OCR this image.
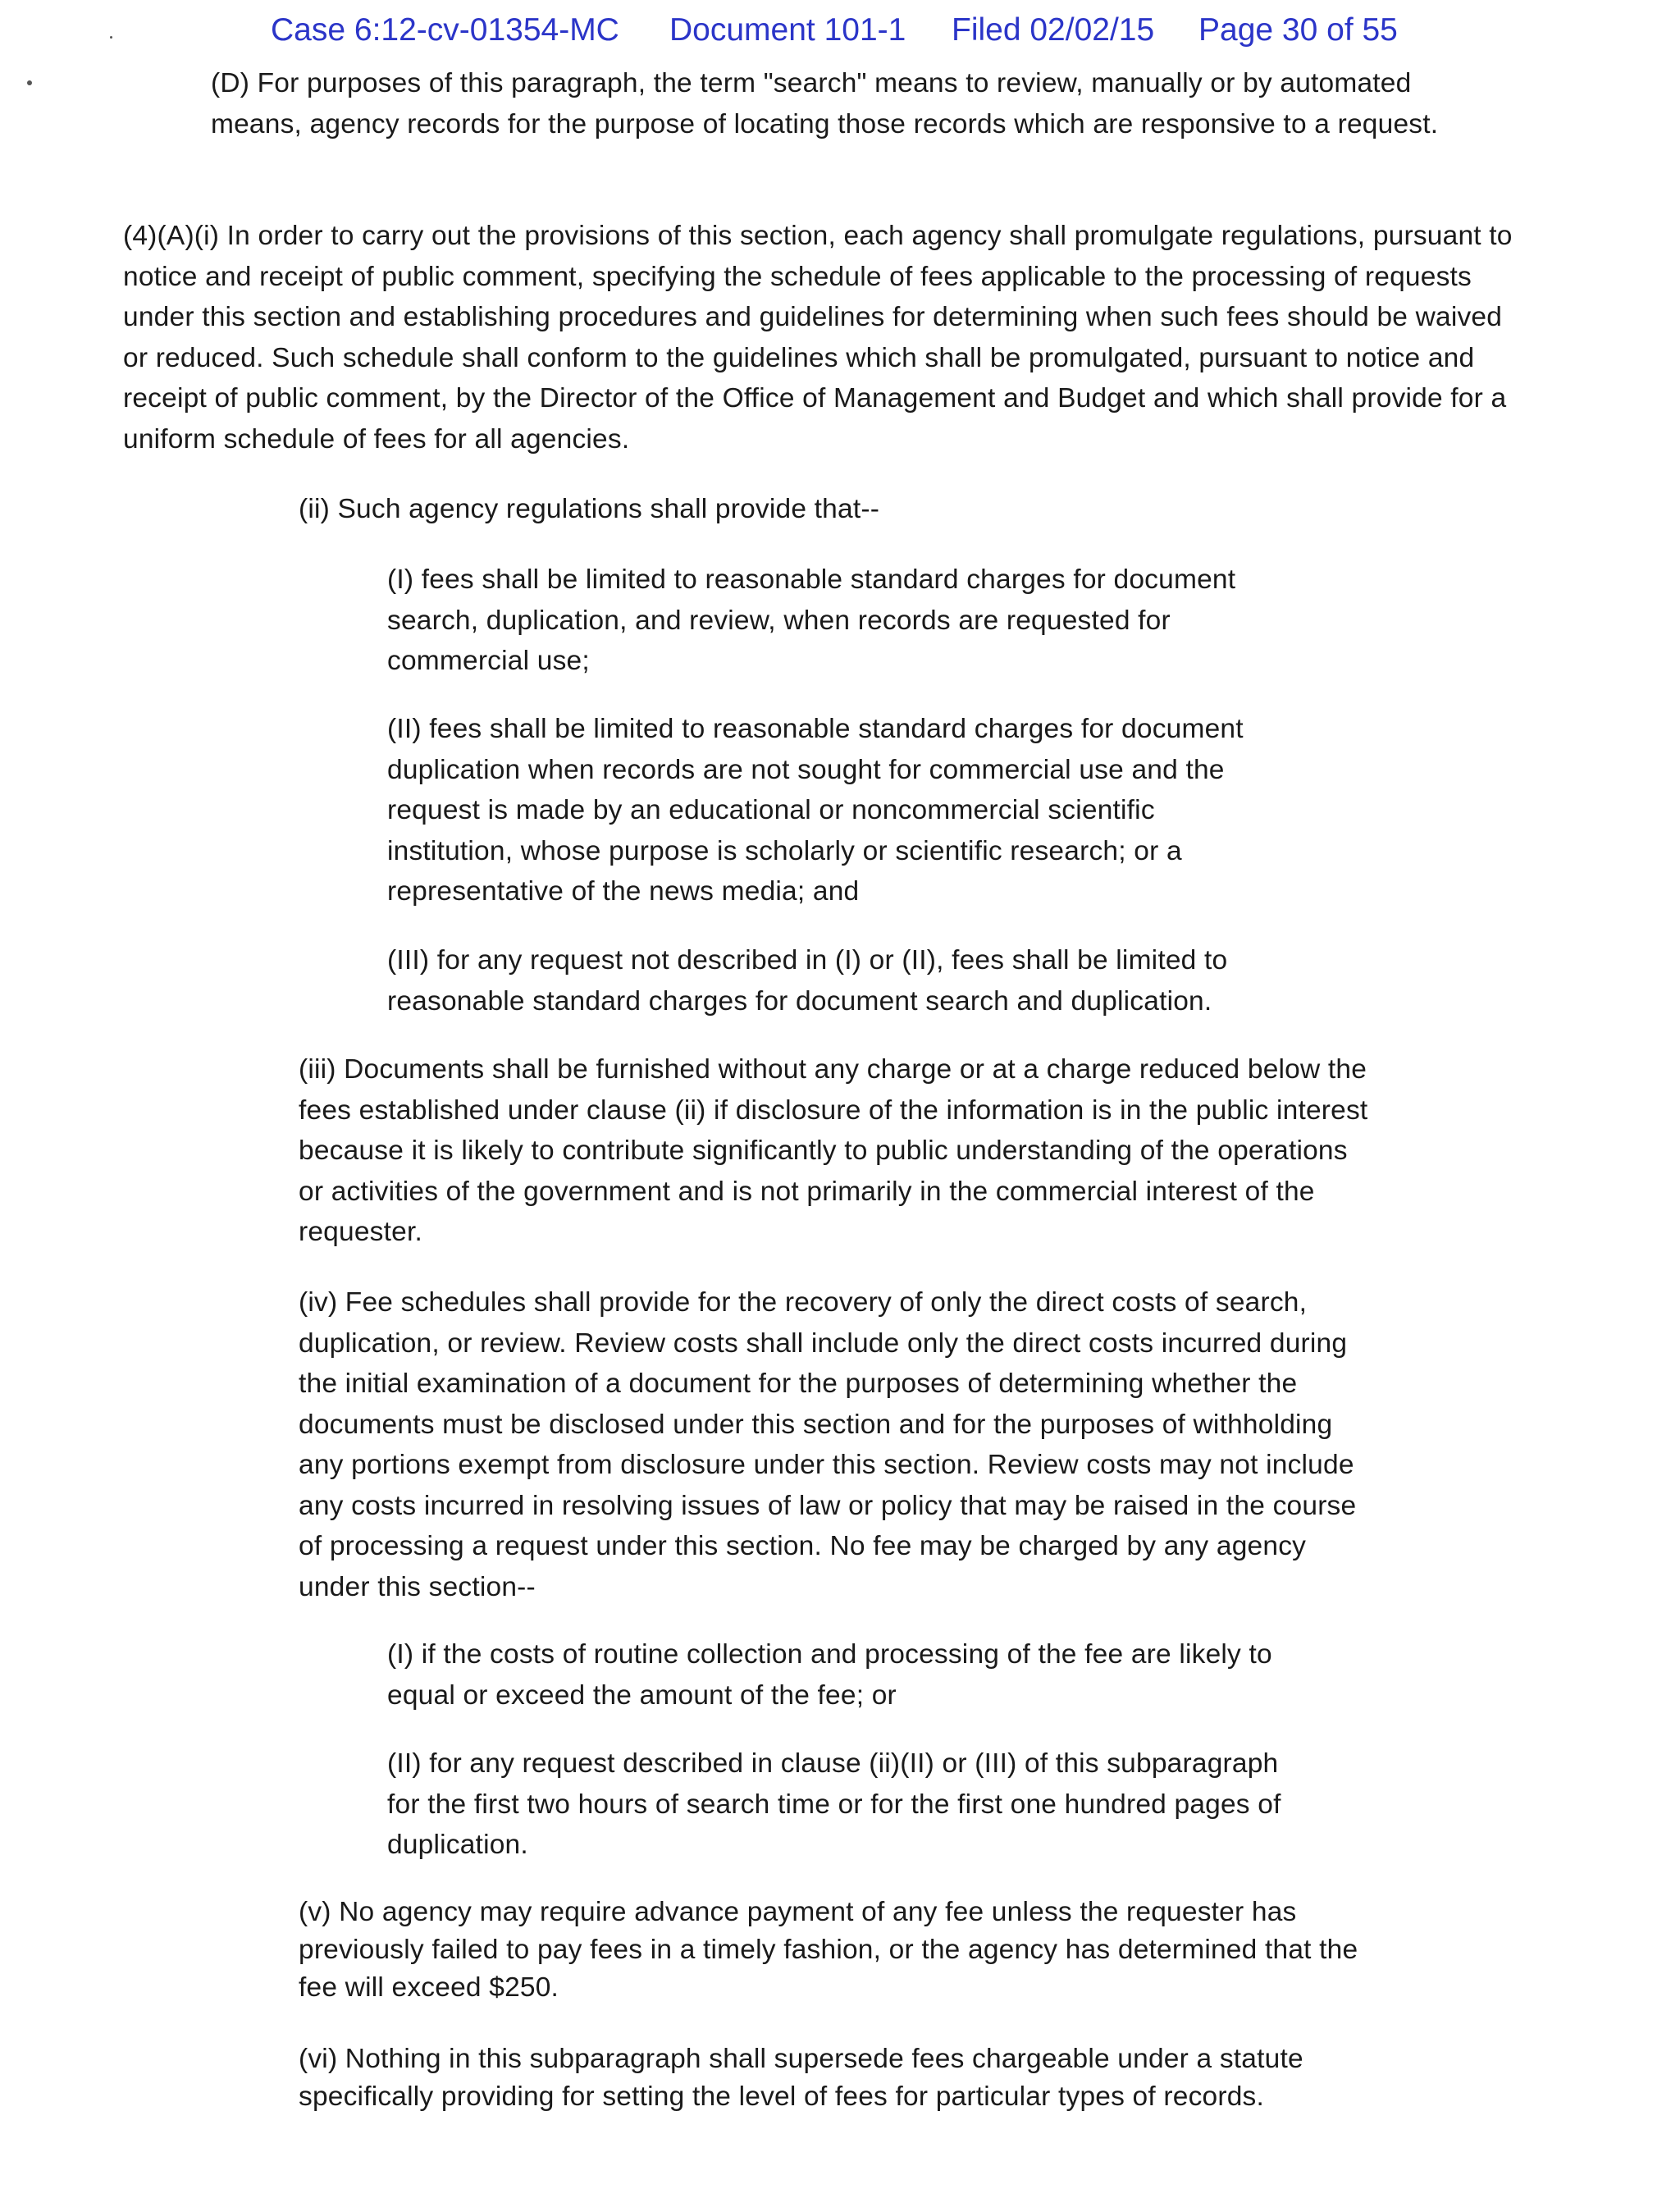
Case 6:12-cv-01354-MC Document 101-1 Filed 02/02/15 Page 30 of 55

(D) For purposes of this paragraph, the term "search" means to review, manually or by automated means, agency records for the purpose of locating those records which are responsive to a request.

(4)(A)(i) In order to carry out the provisions of this section, each agency shall promulgate regulations, pursuant to notice and receipt of public comment, specifying the schedule of fees applicable to the processing of requests under this section and establishing procedures and guidelines for determining when such fees should be waived or reduced. Such schedule shall conform to the guidelines which shall be promulgated, pursuant to notice and receipt of public comment, by the Director of the Office of Management and Budget and which shall provide for a uniform schedule of fees for all agencies.

(ii) Such agency regulations shall provide that--

(I) fees shall be limited to reasonable standard charges for document search, duplication, and review, when records are requested for commercial use;

(II) fees shall be limited to reasonable standard charges for document duplication when records are not sought for commercial use and the request is made by an educational or noncommercial scientific institution, whose purpose is scholarly or scientific research; or a representative of the news media; and

(III) for any request not described in (I) or (II), fees shall be limited to reasonable standard charges for document search and duplication.

(iii) Documents shall be furnished without any charge or at a charge reduced below the fees established under clause (ii) if disclosure of the information is in the public interest because it is likely to contribute significantly to public understanding of the operations or activities of the government and is not primarily in the commercial interest of the requester.

(iv) Fee schedules shall provide for the recovery of only the direct costs of search, duplication, or review. Review costs shall include only the direct costs incurred during the initial examination of a document for the purposes of determining whether the documents must be disclosed under this section and for the purposes of withholding any portions exempt from disclosure under this section. Review costs may not include any costs incurred in resolving issues of law or policy that may be raised in the course of processing a request under this section. No fee may be charged by any agency under this section--

(I) if the costs of routine collection and processing of the fee are likely to equal or exceed the amount of the fee; or

(II) for any request described in clause (ii)(II) or (III) of this subparagraph for the first two hours of search time or for the first one hundred pages of duplication.

(v) No agency may require advance payment of any fee unless the requester has previously failed to pay fees in a timely fashion, or the agency has determined that the fee will exceed $250.

(vi) Nothing in this subparagraph shall supersede fees chargeable under a statute specifically providing for setting the level of fees for particular types of records.
